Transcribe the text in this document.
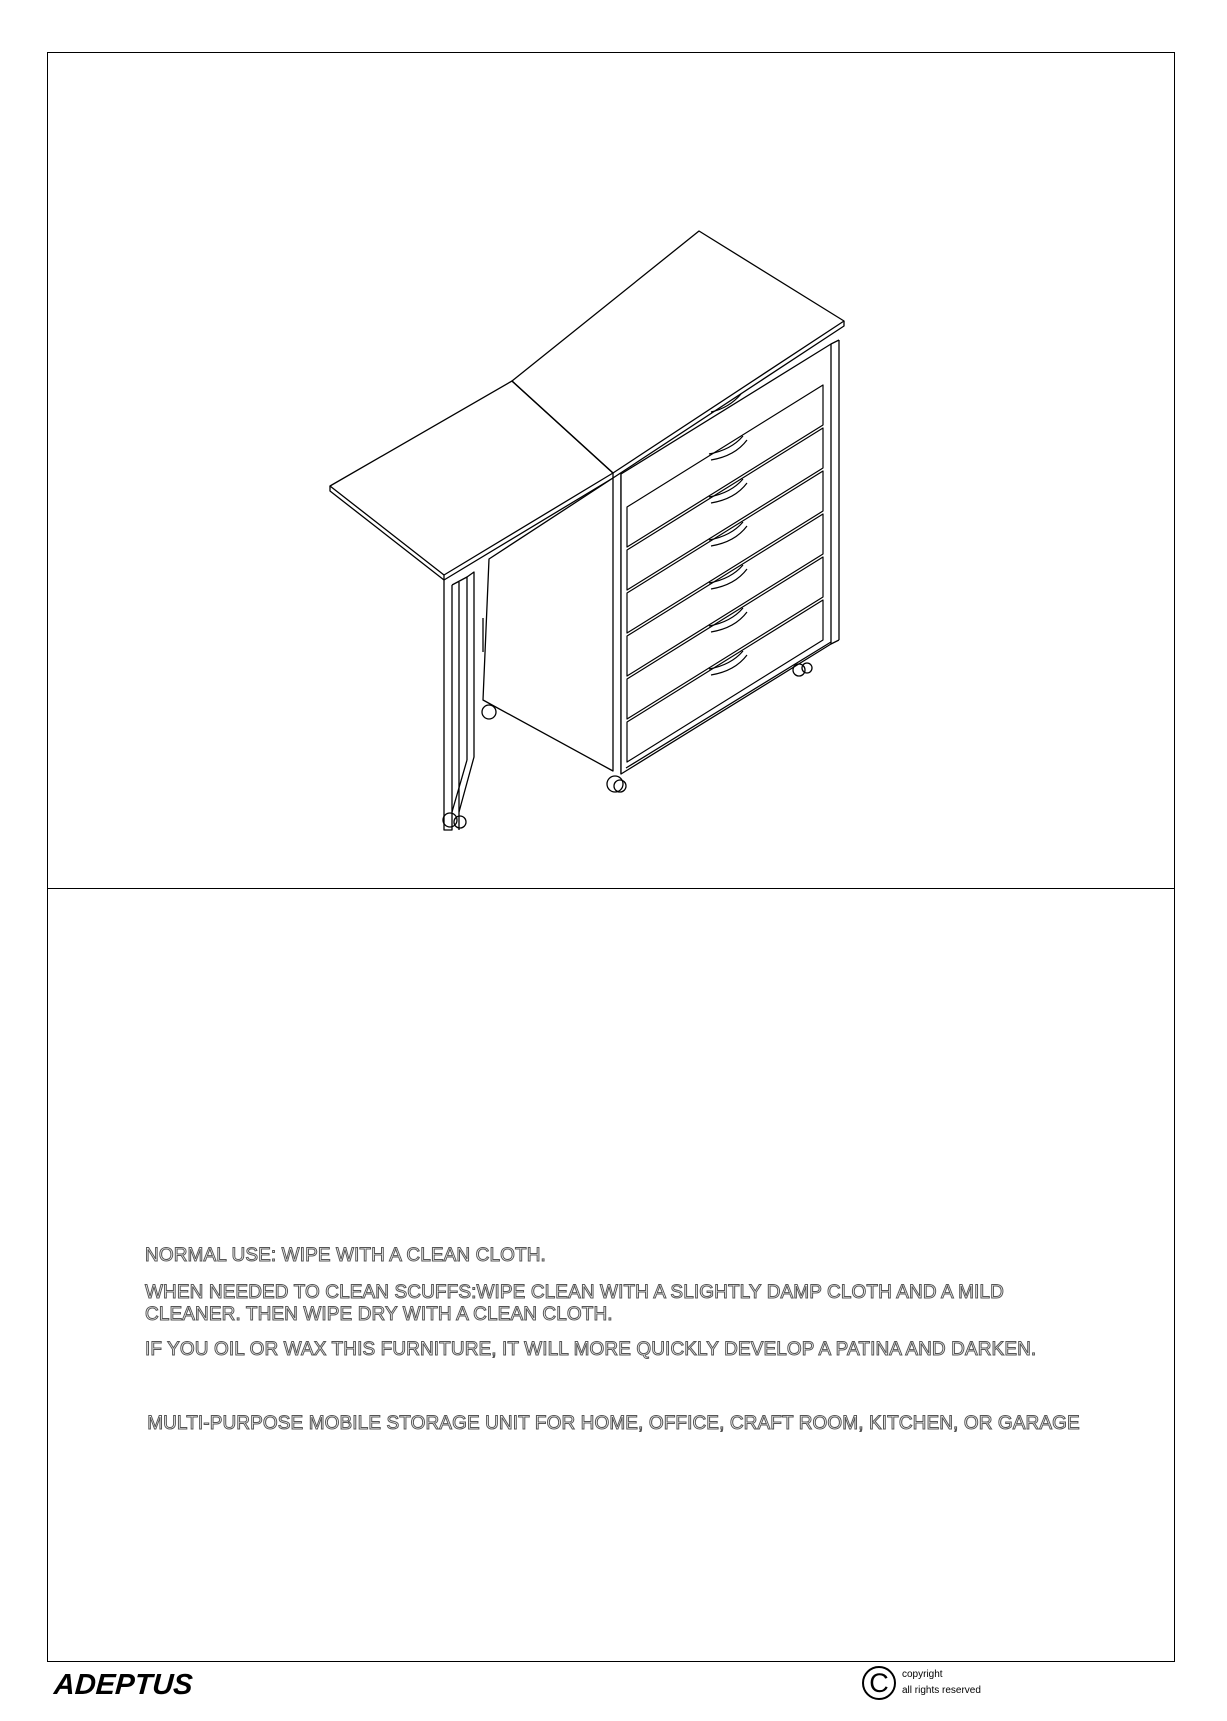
NORMAL USE: WIPE WITH A CLEAN CLOTH.
WHEN NEEDED TO CLEAN SCUFFS:WIPE CLEAN WITH A SLIGHTLY DAMP CLOTH AND A MILD
CLEANER. THEN WIPE DRY WITH A CLEAN CLOTH.
IF YOU OIL OR WAX THIS FURNITURE, IT WILL MORE QUICKLY DEVELOP A PATINA AND DARKEN.
MULTI-PURPOSE MOBILE STORAGE UNIT FOR HOME, OFFICE, CRAFT ROOM, KITCHEN, OR GARAGE
ADEPTUS	C	copyright
all rights reserved
